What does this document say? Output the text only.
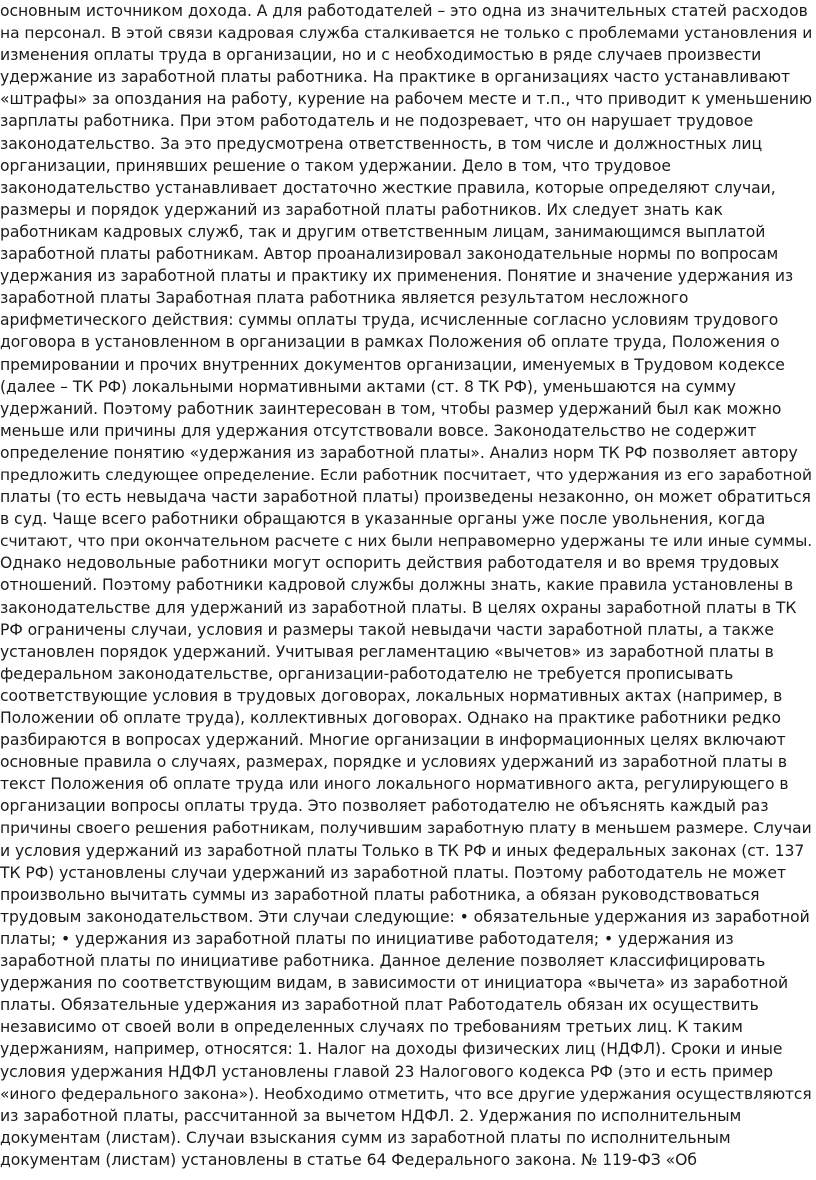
основным источником дохода. А для работодателей – это одна из значительных статей расходов
на персонал. В этой связи кадровая служба сталкивается не только с проблемами установления и
изменения оплаты труда в организации, но и с необходимостью в ряде случаев произвести
удержание из заработной платы работника. На практике в организациях часто устанавливают
«штрафы» за опоздания на работу, курение на рабочем месте и т.п., что приводит к уменьшению
зарплаты работника. При этом работодатель и не подозревает, что он нарушает трудовое
законодательство. За это предусмотрена ответственность, в том числе и должностных лиц
организации, принявших решение о таком удержании. Дело в том, что трудовое
законодательство устанавливает достаточно жесткие правила, которые определяют случаи,
размеры и порядок удержаний из заработной платы работников. Их следует знать как
работникам кадровых служб, так и другим ответственным лицам, занимающимся выплатой
заработной платы работникам. Автор проанализировал законодательные нормы по вопросам
удержания из заработной платы и практику их применения. Понятие и значение удержания из
заработной платы Заработная плата работника является результатом несложного
арифметического действия: суммы оплаты труда, исчисленные согласно условиям трудового
договора в установленном в организации в рамках Положения об оплате труда, Положения о
премировании и прочих внутренних документов организации, именуемых в Трудовом кодексе
(далее – ТК РФ) локальными нормативными актами (ст. 8 ТК РФ), уменьшаются на сумму
удержаний. Поэтому работник заинтересован в том, чтобы размер удержаний был как можно
меньше или причины для удержания отсутствовали вовсе. Законодательство не содержит
определение понятию «удержания из заработной платы». Анализ норм ТК РФ позволяет автору
предложить следующее определение. Если работник посчитает, что удержания из его заработной
платы (то есть невыдача части заработной платы) произведены незаконно, он может обратиться
в суд. Чаще всего работники обращаются в указанные органы уже после увольнения, когда
считают, что при окончательном расчете с них были неправомерно удержаны те или иные суммы.
Однако недовольные работники могут оспорить действия работодателя и во время трудовых
отношений. Поэтому работники кадровой службы должны знать, какие правила установлены в
законодательстве для удержаний из заработной платы. В целях охраны заработной платы в ТК
РФ ограничены случаи, условия и размеры такой невыдачи части заработной платы, а также
установлен порядок удержаний. Учитывая регламентацию «вычетов» из заработной платы в
федеральном законодательстве, организации-работодателю не требуется прописывать
соответствующие условия в трудовых договорах, локальных нормативных актах (например, в
Положении об оплате труда), коллективных договорах. Однако на практике работники редко
разбираются в вопросах удержаний. Многие организации в информационных целях включают
основные правила о случаях, размерах, порядке и условиях удержаний из заработной платы в
текст Положения об оплате труда или иного локального нормативного акта, регулирующего в
организации вопросы оплаты труда. Это позволяет работодателю не объяснять каждый раз
причины своего решения работникам, получившим заработную плату в меньшем размере. Случаи
и условия удержаний из заработной платы Только в ТК РФ и иных федеральных законах (ст. 137
ТК РФ) установлены случаи удержаний из заработной платы. Поэтому работодатель не может
произвольно вычитать суммы из заработной платы работника, а обязан руководствоваться
трудовым законодательством. Эти случаи следующие: • обязательные удержания из заработной
платы; • удержания из заработной платы по инициативе работодателя; • удержания из
заработной платы по инициативе работника. Данное деление позволяет классифицировать
удержания по соответствующим видам, в зависимости от инициатора «вычета» из заработной
платы. Обязательные удержания из заработной плат Работодатель обязан их осуществить
независимо от своей воли в определенных случаях по требованиям третьих лиц. К таким
удержаниям, например, относятся: 1. Налог на доходы физических лиц (НДФЛ). Сроки и иные
условия удержания НДФЛ установлены главой 23 Налогового кодекса РФ (это и есть пример
«иного федерального закона»). Необходимо отметить, что все другие удержания осуществляются
из заработной платы, рассчитанной за вычетом НДФЛ. 2. Удержания по исполнительным
документам (листам). Случаи взыскания сумм из заработной платы по исполнительным
документам (листам) установлены в статье 64 Федерального закона. № 119-ФЗ «Об
